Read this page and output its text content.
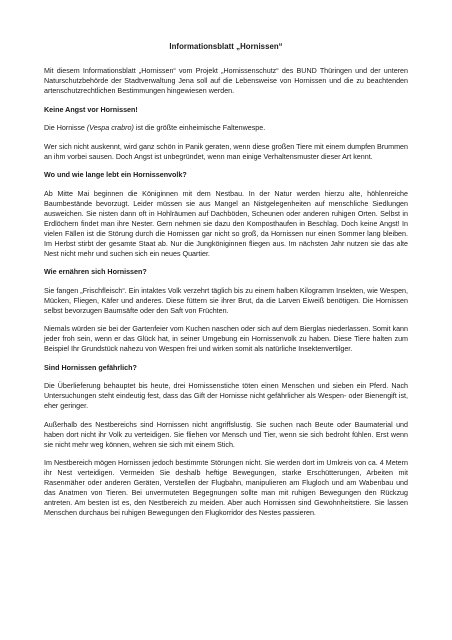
Informationsblatt „Hornissen“

Mit diesem Informationsblatt „Hornissen“ vom Projekt „Hornissenschutz“ des BUND Thüringen und der unteren Naturschutzbehörde der Stadtverwaltung Jena soll auf die Lebensweise von Hornissen und die zu beachtenden artenschutzrechtlichen Bestimmungen hingewiesen werden.

Keine Angst vor Hornissen!

Die Hornisse (Vespa crabro) ist die größte einheimische Faltenwespe.

Wer sich nicht auskennt, wird ganz schön in Panik geraten, wenn diese großen Tiere mit einem dumpfen Brummen an ihm vorbei sausen. Doch Angst ist unbegründet, wenn man einige Verhaltensmuster dieser Art kennt.

Wo und wie lange lebt ein Hornissenvolk?

Ab Mitte Mai beginnen die Königinnen mit dem Nestbau. In der Natur werden hierzu alte, höhlenreiche Baumbestände bevorzugt. Leider müssen sie aus Mangel an Nistgelegenheiten auf menschliche Siedlungen ausweichen. Sie nisten dann oft in Hohlräumen auf Dachböden, Scheunen oder anderen ruhigen Orten. Selbst in Erdlöchern findet man ihre Nester. Gern nehmen sie dazu den Komposthaufen in Beschlag. Doch keine Angst! In vielen Fällen ist die Störung durch die Hornissen gar nicht so groß, da Hornissen nur einen Sommer lang bleiben. Im Herbst stirbt der gesamte Staat ab. Nur die Jungköniginnen fliegen aus. Im nächsten Jahr nutzen sie das alte Nest nicht mehr und suchen sich ein neues Quartier.

Wie ernähren sich Hornissen?

Sie fangen „Frischfleisch“. Ein intaktes Volk verzehrt täglich bis zu einem halben Kilogramm Insekten, wie Wespen, Mücken, Fliegen, Käfer und anderes. Diese füttern sie ihrer Brut, da die Larven Eiweiß benötigen. Die Hornissen selbst bevorzugen Baumsäfte oder den Saft von Früchten.

Niemals würden sie bei der Gartenfeier vom Kuchen naschen oder sich auf dem Bierglas niederlassen. Somit kann jeder froh sein, wenn er das Glück hat, in seiner Umgebung ein Hornissenvolk zu haben. Diese Tiere halten zum Beispiel Ihr Grundstück nahezu von Wespen frei und wirken somit als natürliche Insektenvertilger.

Sind Hornissen gefährlich?

Die Überlieferung behauptet bis heute, drei Hornissenstiche töten einen Menschen und sieben ein Pferd. Nach Untersuchungen steht eindeutig fest, dass das Gift der Hornisse nicht gefährlicher als Wespen- oder Bienengift ist, eher geringer.

Außerhalb des Nestbereichs sind Hornissen nicht angriffslustig. Sie suchen nach Beute oder Baumaterial und haben dort nicht ihr Volk zu verteidigen. Sie fliehen vor Mensch und Tier, wenn sie sich bedroht fühlen. Erst wenn sie nicht mehr weg können, wehren sie sich mit einem Stich.

Im Nestbereich mögen Hornissen jedoch bestimmte Störungen nicht. Sie werden dort im Umkreis von ca. 4 Metern ihr Nest verteidigen. Vermeiden Sie deshalb heftige Bewegungen, starke Erschütterungen, Arbeiten mit Rasenmäher oder anderen Geräten, Verstellen der Flugbahn, manipulieren am Flugloch und am Wabenbau und das Anatmen von Tieren. Bei unvermuteten Begegnungen sollte man mit ruhigen Bewegungen den Rückzug antreten. Am besten ist es, den Nestbereich zu meiden. Aber auch Hornissen sind Gewohnheitstiere. Sie lassen Menschen durchaus bei ruhigen Bewegungen den Flugkorridor des Nestes passieren.
